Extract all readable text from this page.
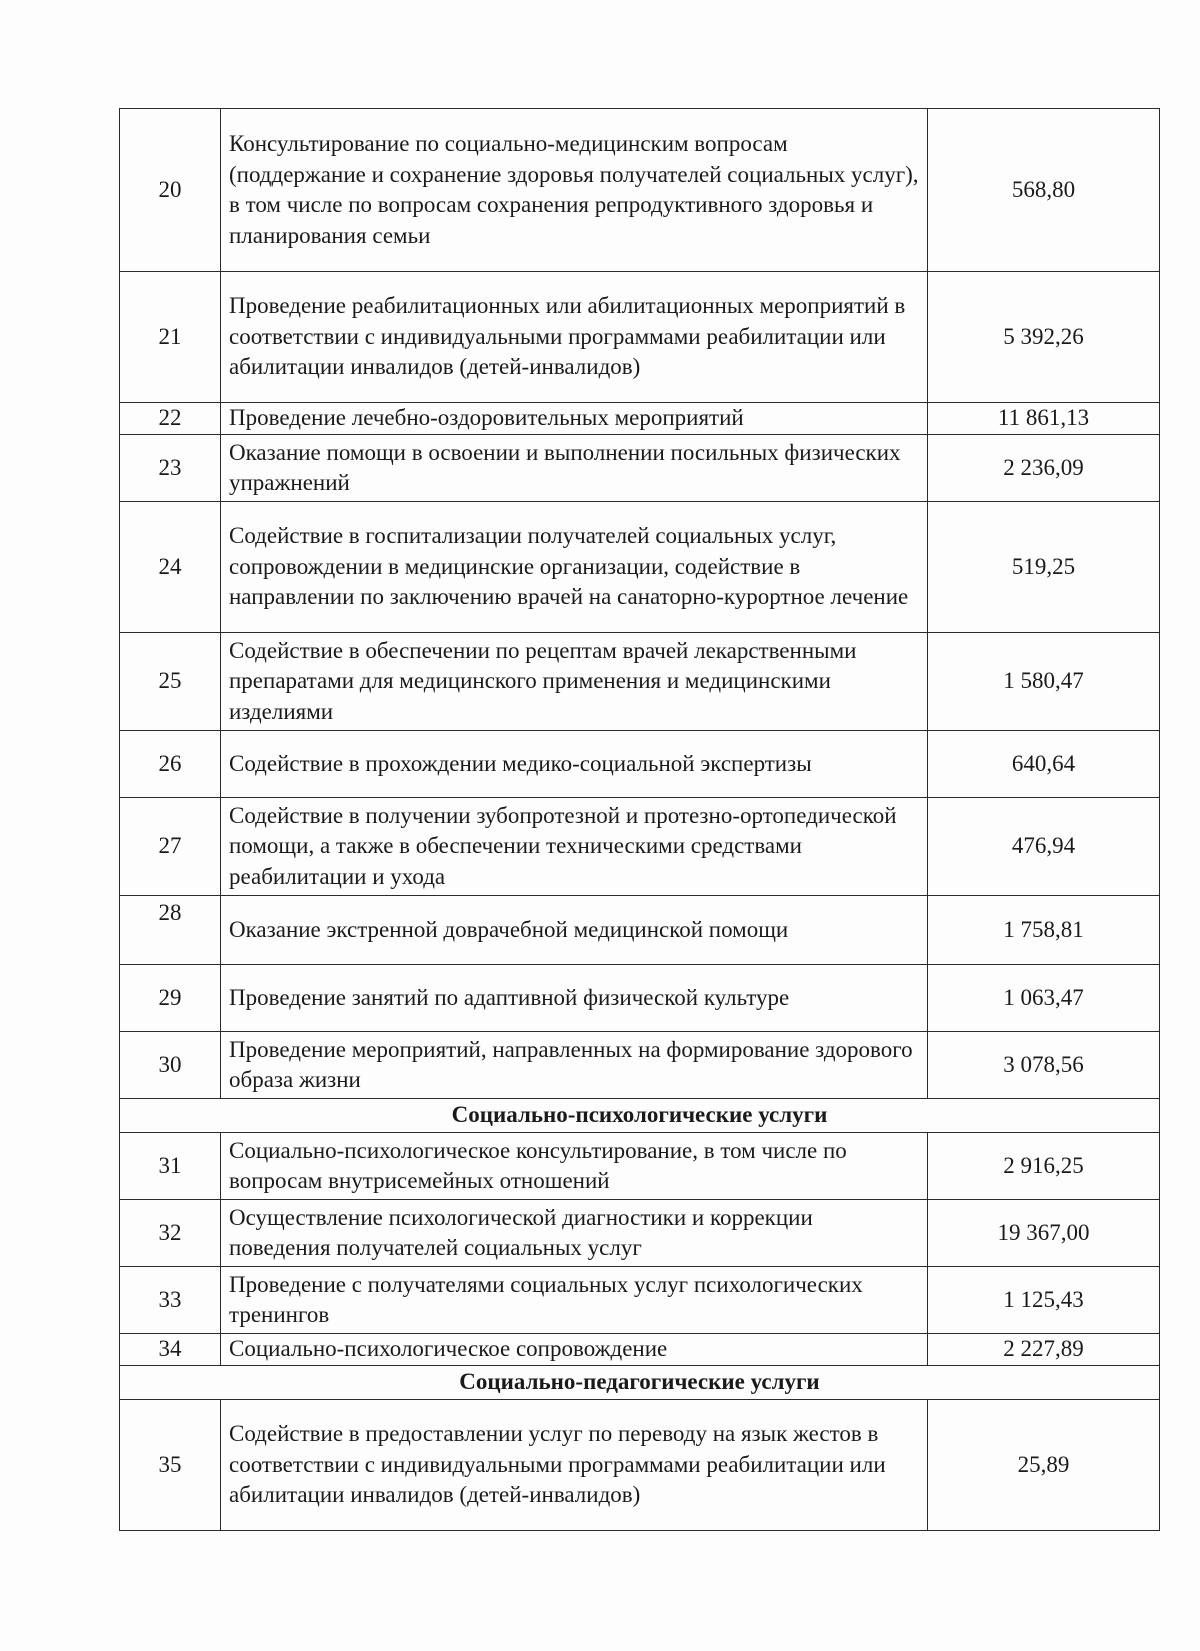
20	Консультирование по социально-медицинским вопросам (поддержание и сохранение здоровья получателей социальных услуг), в том числе по вопросам сохранения репродуктивного здоровья и планирования семьи	568,80
21	Проведение реабилитационных или абилитационных мероприятий в соответствии с индивидуальными программами реабилитации или абилитации инвалидов (детей-инвалидов)	5 392,26
22	Проведение лечебно-оздоровительных мероприятий	11 861,13
23	Оказание помощи в освоении и выполнении посильных физических упражнений	2 236,09
24	Содействие в госпитализации получателей социальных услуг, сопровождении в медицинские организации, содействие в направлении по заключению врачей на санаторно-курортное лечение	519,25
25	Содействие в обеспечении по рецептам врачей лекарственными препаратами для медицинского применения и медицинскими изделиями	1 580,47
26	Содействие в прохождении медико-социальной экспертизы	640,64
27	Содействие в получении зубопротезной и протезно-ортопедической помощи, а также в обеспечении техническими средствами реабилитации и ухода	476,94
28	Оказание экстренной доврачебной медицинской помощи	1 758,81
29	Проведение занятий по адаптивной физической культуре	1 063,47
30	Проведение мероприятий, направленных на формирование здорового образа жизни	3 078,56
Социально-психологические услуги		
31	Социально-психологическое консультирование, в том числе по вопросам внутрисемейных отношений	2 916,25
32	Осуществление психологической диагностики и коррекции поведения получателей социальных услуг	19 367,00
33	Проведение с получателями социальных услуг психологических тренингов	1 125,43
34	Социально-психологическое сопровождение	2 227,89
Социально-педагогические услуги		
35	Содействие в предоставлении услуг по переводу на язык жестов в соответствии с индивидуальными программами реабилитации или абилитации инвалидов (детей-инвалидов)	25,89
